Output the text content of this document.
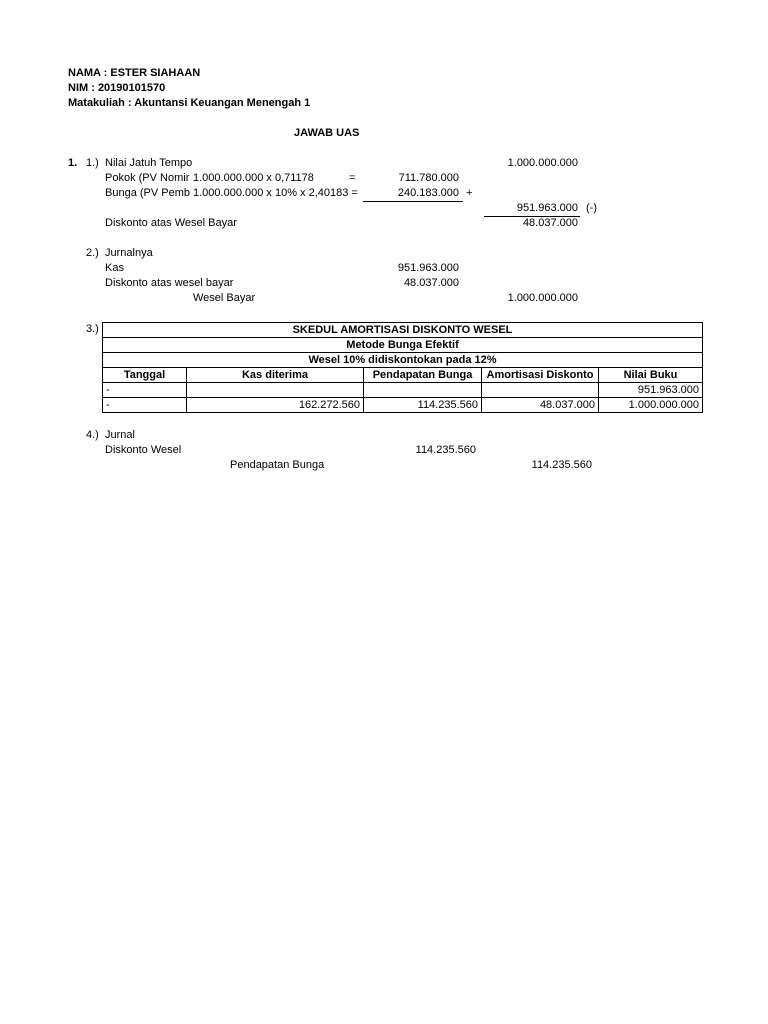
NAMA : ESTER SIAHAAN
NIM : 20190101570
Matakuliah : Akuntansi Keuangan Menengah 1
JAWAB UAS
1. 1.) Nilai Jatuh Tempo	1.000.000.000
Pokok (PV Nomir 1.000.000.000 x 0,71178	=	711.780.000
Bunga (PV Pemb 1.000.000.000 x 10% x 2,40183 =	240.183.000 +
951.963.000 (-)
Diskonto atas Wesel Bayar	48.037.000
2.) Jurnalnya
Kas	951.963.000
Diskonto atas wesel bayar	48.037.000
Wesel Bayar	1.000.000.000
3.)	SKEDUL AMORTISASI DISKONTO WESEL				
Metode Bunga Efektif				
Wesel 10% didiskontokan pada 12%				
Tanggal	Kas diterima	Pendapatan Bunga	Amortisasi Diskonto	Nilai Buku
-				951.963.000
-	162.272.560	114.235.560	48.037.000	1.000.000.000
4.) Jurnal
Diskonto Wesel	114.235.560
Pendapatan Bunga	114.235.560
